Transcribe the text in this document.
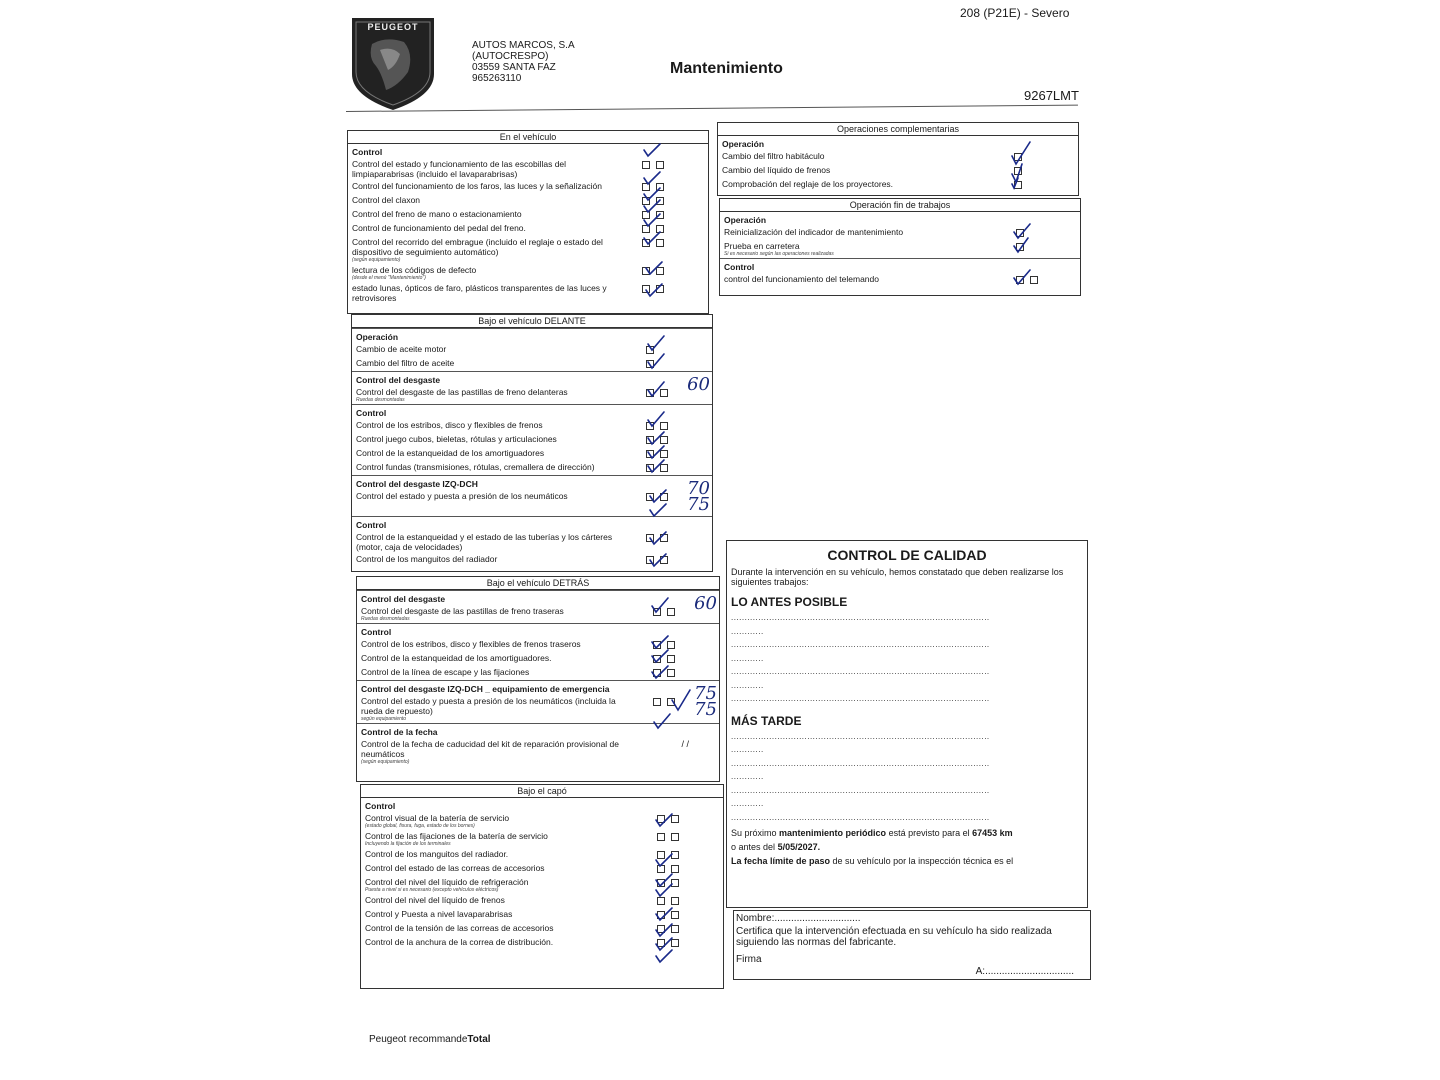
PEUGEOT
AUTOS MARCOS, S.A
(AUTOCRESPO)
03559 SANTA FAZ
965263110
Mantenimiento
208 (P21E) - Severo
9267LMT
En el vehículo
Control
Control del estado y funcionamiento de las escobillas del limpiaparabrisas (incluido el lavaparabrisas)
Control del funcionamiento de los faros, las luces y la señalización
Control del claxon
Control del freno de mano o estacionamiento
Control de funcionamiento del pedal del freno.
Control del recorrido del embrague (incluido el reglaje o estado del dispositivo de seguimiento automático)
(según equipamiento)
lectura de los códigos de defecto
(desde el menú "Mantenimiento")
estado lunas, ópticos de faro, plásticos transparentes de las luces y retrovisores
Bajo el vehículo DELANTE
Operación
Cambio de aceite motor
Cambio del filtro de aceite
Control del desgaste
Control del desgaste de las pastillas de freno delanteras
Ruedas desmontadas
60
Control
Control de los estribos, disco y flexibles de frenos
Control juego cubos, bieletas, rótulas y articulaciones
Control de la estanqueidad de los amortiguadores
Control fundas (transmisiones, rótulas, cremallera de dirección)
Control del desgaste IZQ-DCH
Control del estado y puesta a presión de los neumáticos	70
75
Control
Control de la estanqueidad y el estado de las tuberías y los cárteres (motor, caja de velocidades)
Control de los manguitos del radiador
Bajo el vehículo DETRÁS
Control del desgaste
Control del desgaste de las pastillas de freno traseras
Ruedas desmontadas
60
Control
Control de los estribos, disco y flexibles de frenos traseros
Control de la estanqueidad de los amortiguadores.
Control de la línea de escape y las fijaciones
Control del desgaste IZQ-DCH _ equipamiento de emergencia
Control del estado y puesta a presión de los neumáticos (incluida la rueda de repuesto)
según equipamiento
75
75
Control de la fecha
Control de la fecha de caducidad del kit de reparación provisional de neumáticos
(según equipamiento)
/ /
Bajo el capó
Control
Control visual de la batería de servicio
(estado global, fisura, fuga, estado de los bornes)
Control de las fijaciones de la batería de servicio
Incluyendo la fijación de los terminales
Control de los manguitos del radiador.
Control del estado de las correas de accesorios
Control del nivel del líquido de refrigeración
Puesta a nivel si es necesario (excepto vehículos eléctricos)
Control del nivel del líquido de frenos
Control y Puesta a nivel lavaparabrisas
Control de la tensión de las correas de accesorios
Control de la anchura de la correa de distribución.
Operaciones complementarias
Operación
Cambio del filtro habitáculo
Cambio del líquido de frenos
Comprobación del reglaje de los proyectores.
Operación fin de trabajos
Operación
Reinicialización del indicador de mantenimiento
Prueba en carretera
Si es necesario según las operaciones realizadas
Control
control del funcionamiento del telemando
CONTROL DE CALIDAD
Durante la intervención en su vehículo, hemos constatado que deben realizarse los siguientes trabajos:
LO ANTES POSIBLE
...............................................................................................
............
...............................................................................................
............
...............................................................................................
............
...............................................................................................
MÁS TARDE
...............................................................................................
............
...............................................................................................
............
...............................................................................................
............
...............................................................................................
Su próximo mantenimiento periódico está previsto para el 67453 km
o antes del 5/05/2027.
La fecha límite de paso de su vehículo por la inspección técnica es el
Nombre:...............................
Certifica que la intervención efectuada en su vehículo ha sido realizada siguiendo las normas del fabricante.
Firma
A:................................
Peugeot recommandeTotal
